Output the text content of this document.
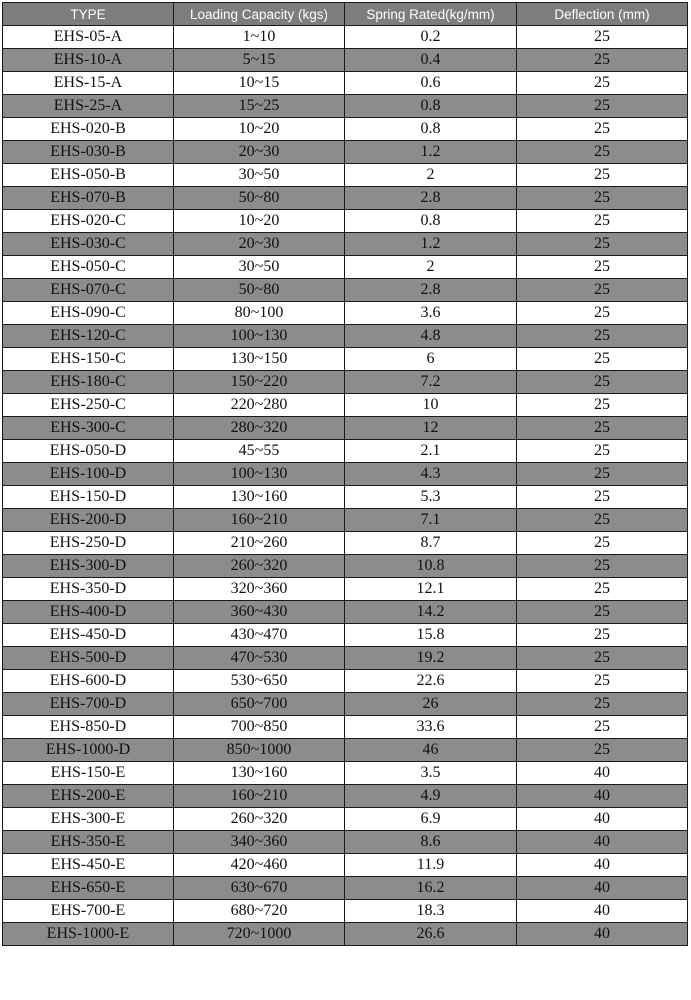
TYPE	Loading Capacity (kgs)	Spring Rated(kg/mm)	Deflection (mm)
EHS-05-A	1~10	0.2	25
EHS-10-A	5~15	0.4	25
EHS-15-A	10~15	0.6	25
EHS-25-A	15~25	0.8	25
EHS-020-B	10~20	0.8	25
EHS-030-B	20~30	1.2	25
EHS-050-B	30~50	2	25
EHS-070-B	50~80	2.8	25
EHS-020-C	10~20	0.8	25
EHS-030-C	20~30	1.2	25
EHS-050-C	30~50	2	25
EHS-070-C	50~80	2.8	25
EHS-090-C	80~100	3.6	25
EHS-120-C	100~130	4.8	25
EHS-150-C	130~150	6	25
EHS-180-C	150~220	7.2	25
EHS-250-C	220~280	10	25
EHS-300-C	280~320	12	25
EHS-050-D	45~55	2.1	25
EHS-100-D	100~130	4.3	25
EHS-150-D	130~160	5.3	25
EHS-200-D	160~210	7.1	25
EHS-250-D	210~260	8.7	25
EHS-300-D	260~320	10.8	25
EHS-350-D	320~360	12.1	25
EHS-400-D	360~430	14.2	25
EHS-450-D	430~470	15.8	25
EHS-500-D	470~530	19.2	25
EHS-600-D	530~650	22.6	25
EHS-700-D	650~700	26	25
EHS-850-D	700~850	33.6	25
EHS-1000-D	850~1000	46	25
EHS-150-E	130~160	3.5	40
EHS-200-E	160~210	4.9	40
EHS-300-E	260~320	6.9	40
EHS-350-E	340~360	8.6	40
EHS-450-E	420~460	11.9	40
EHS-650-E	630~670	16.2	40
EHS-700-E	680~720	18.3	40
EHS-1000-E	720~1000	26.6	40
